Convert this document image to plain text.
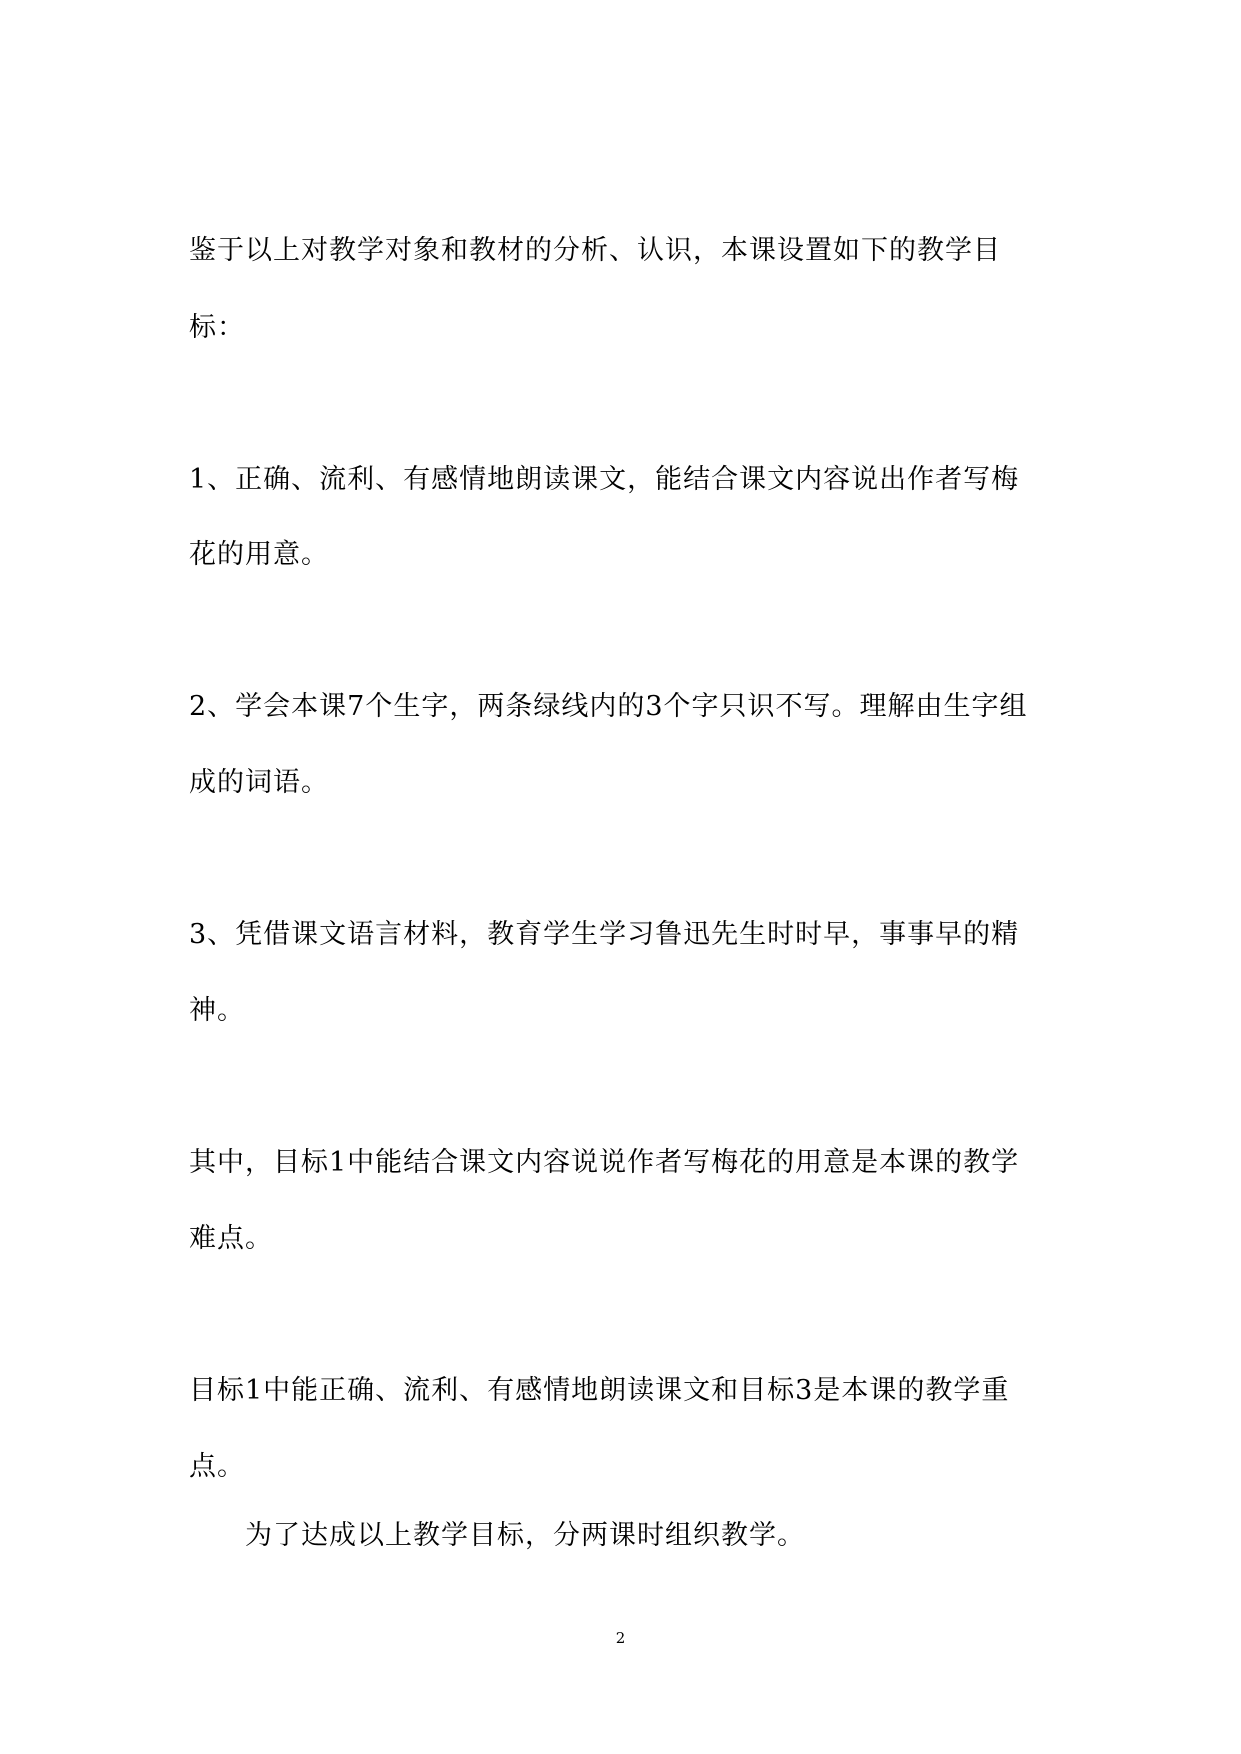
鉴于以上对教学对象和教材的分析、认识，本课设置如下的教学目
标：
1、正确、流利、有感情地朗读课文，能结合课文内容说出作者写梅
花的用意。
2、学会本课7个生字，两条绿线内的3个字只识不写。理解由生字组
成的词语。
3、凭借课文语言材料，教育学生学习鲁迅先生时时早，事事早的精
神。
其中，目标1中能结合课文内容说说作者写梅花的用意是本课的教学
难点。
目标1中能正确、流利、有感情地朗读课文和目标3是本课的教学重
点。
为了达成以上教学目标，分两课时组织教学。
2
